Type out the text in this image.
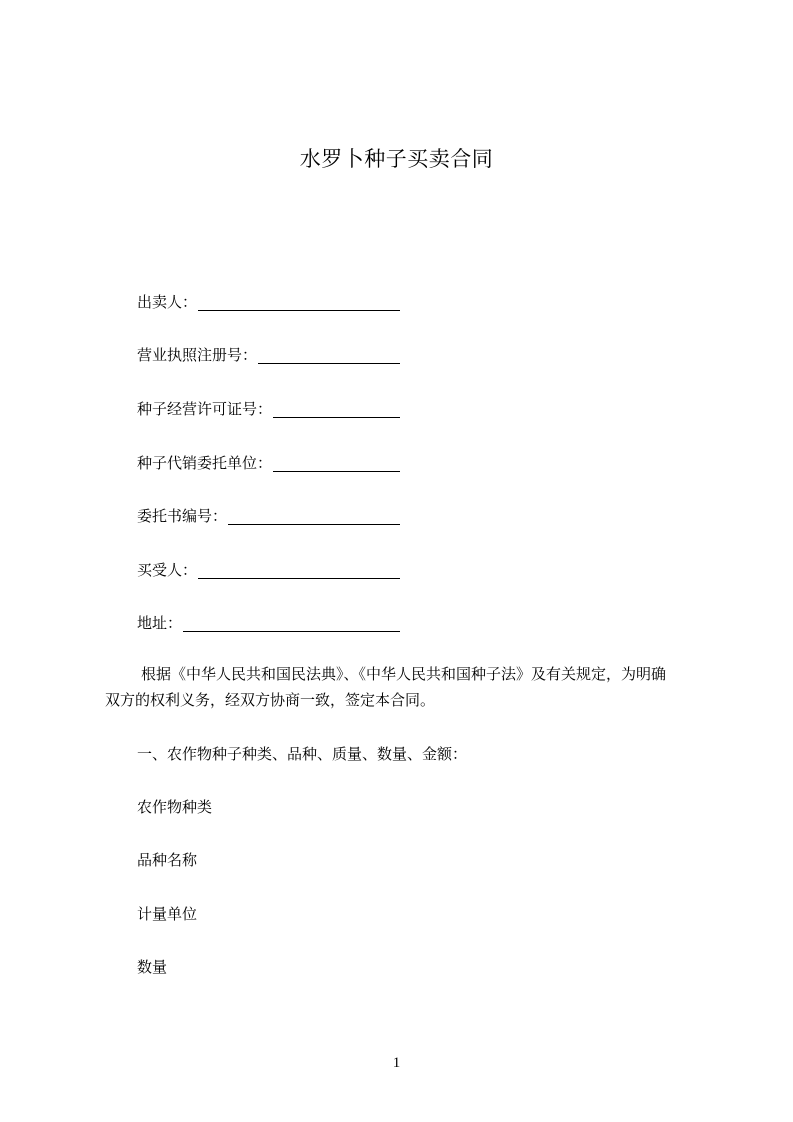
水罗卜种子买卖合同
出卖人：
营业执照注册号：
种子经营许可证号：
种子代销委托单位：
委托书编号：
买受人：
地址：
根据《中华人民共和国民法典》、《中华人民共和国种子法》及有关规定，为明确
双方的权利义务，经双方协商一致，签定本合同。
一、农作物种子种类、品种、质量、数量、金额：
农作物种类
品种名称
计量单位
数量
1
